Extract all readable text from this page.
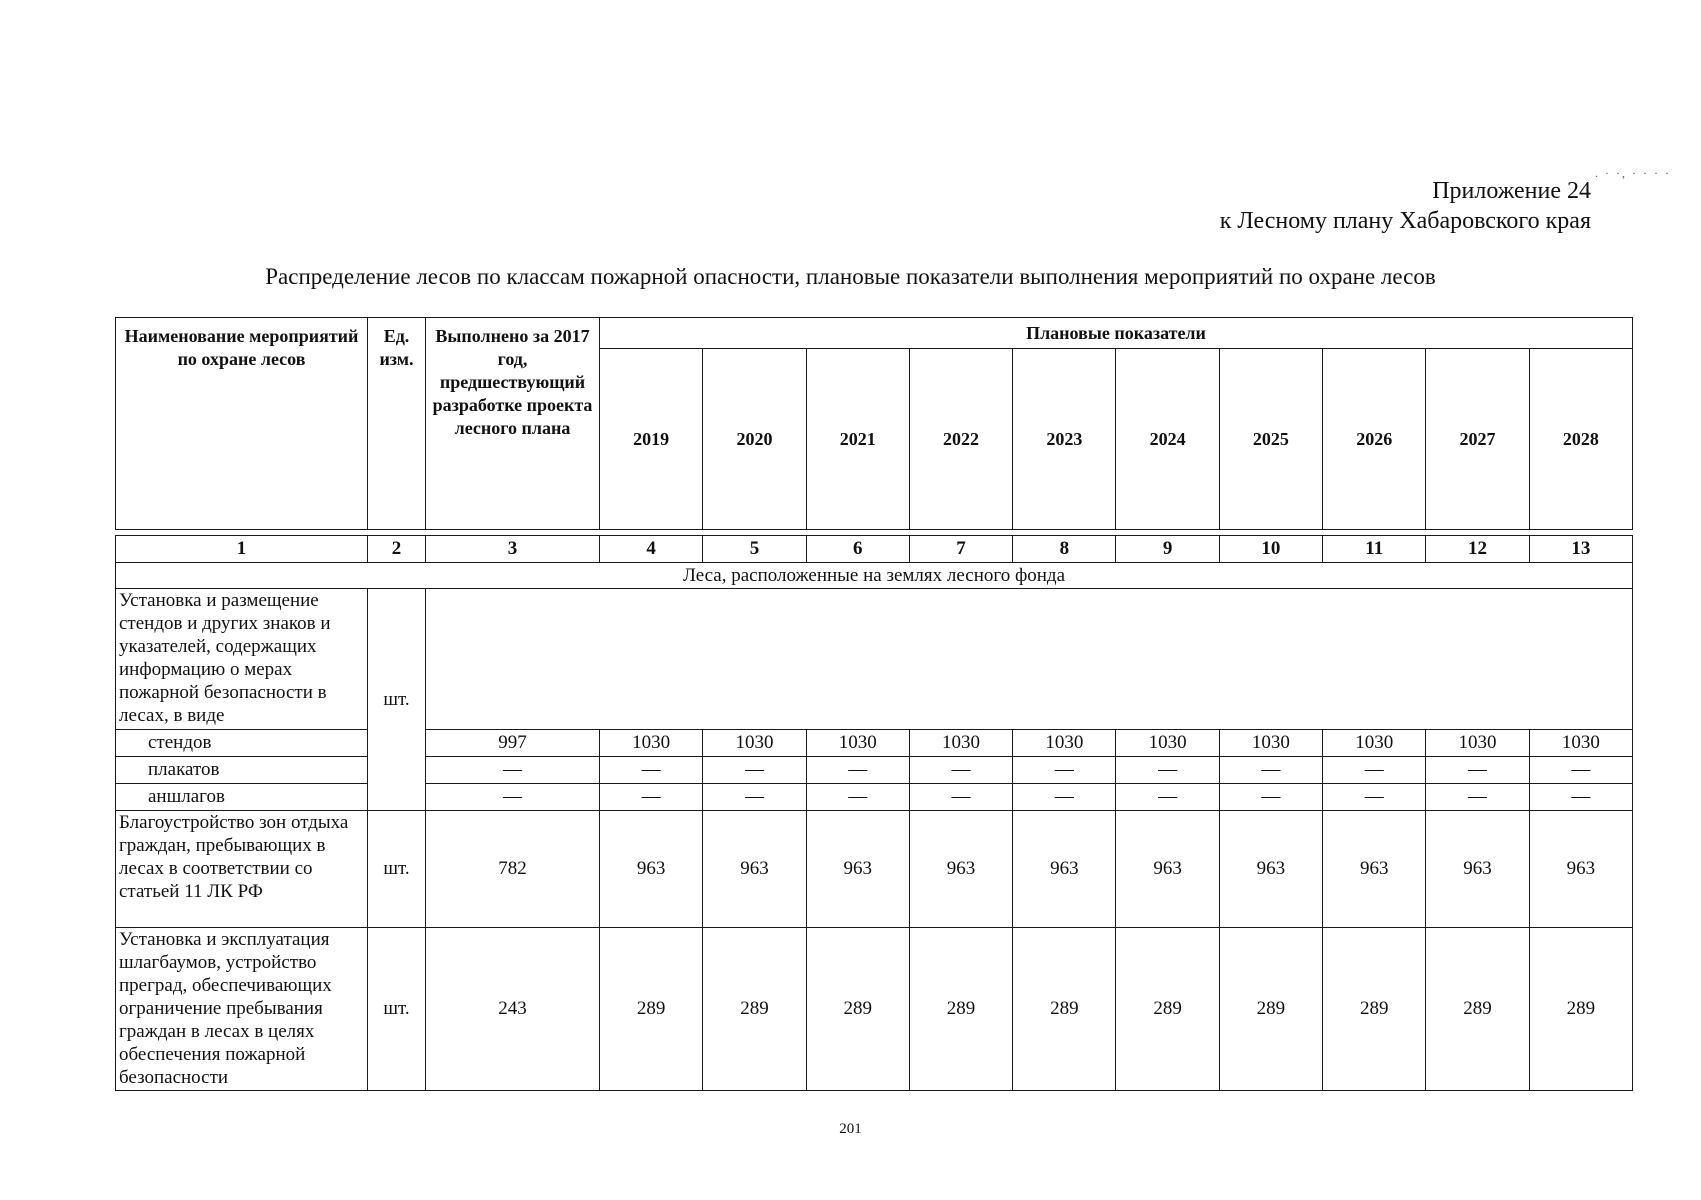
. · ·, · · · ·
Приложение 24
к Лесному плану Хабаровского края
Распределение лесов по классам пожарной опасности, плановые показатели выполнения мероприятий по охране лесов
Наименование мероприятий по охране лесов	Ед. изм.	Выполнено за 2017 год, предшествующий разработке проекта лесного плана	Плановые показатели									
			2019	2020	2021	2022	2023	2024	2025	2026	2027	2028
1	2	3	4	5	6	7	8	9	10	11	12	13
Леса, расположенные на землях лесного фонда												
Установка и размещение стендов и других знаков и указателей, содержащих информацию о мерах пожарной безопасности в лесах, в виде	шт.											
стендов		997	1030	1030	1030	1030	1030	1030	1030	1030	1030	1030
плакатов		—	—	—	—	—	—	—	—	—	—	—
аншлагов		—	—	—	—	—	—	—	—	—	—	—
Благоустройство зон отдыха граждан, пребывающих в лесах в соответствии со статьей 11 ЛК РФ	шт.	782	963	963	963	963	963	963	963	963	963	963
Установка и эксплуатация шлагбаумов, устройство преград, обеспечивающих ограничение пребывания граждан в лесах в целях обеспечения пожарной безопасности	шт.	243	289	289	289	289	289	289	289	289	289	289
201
